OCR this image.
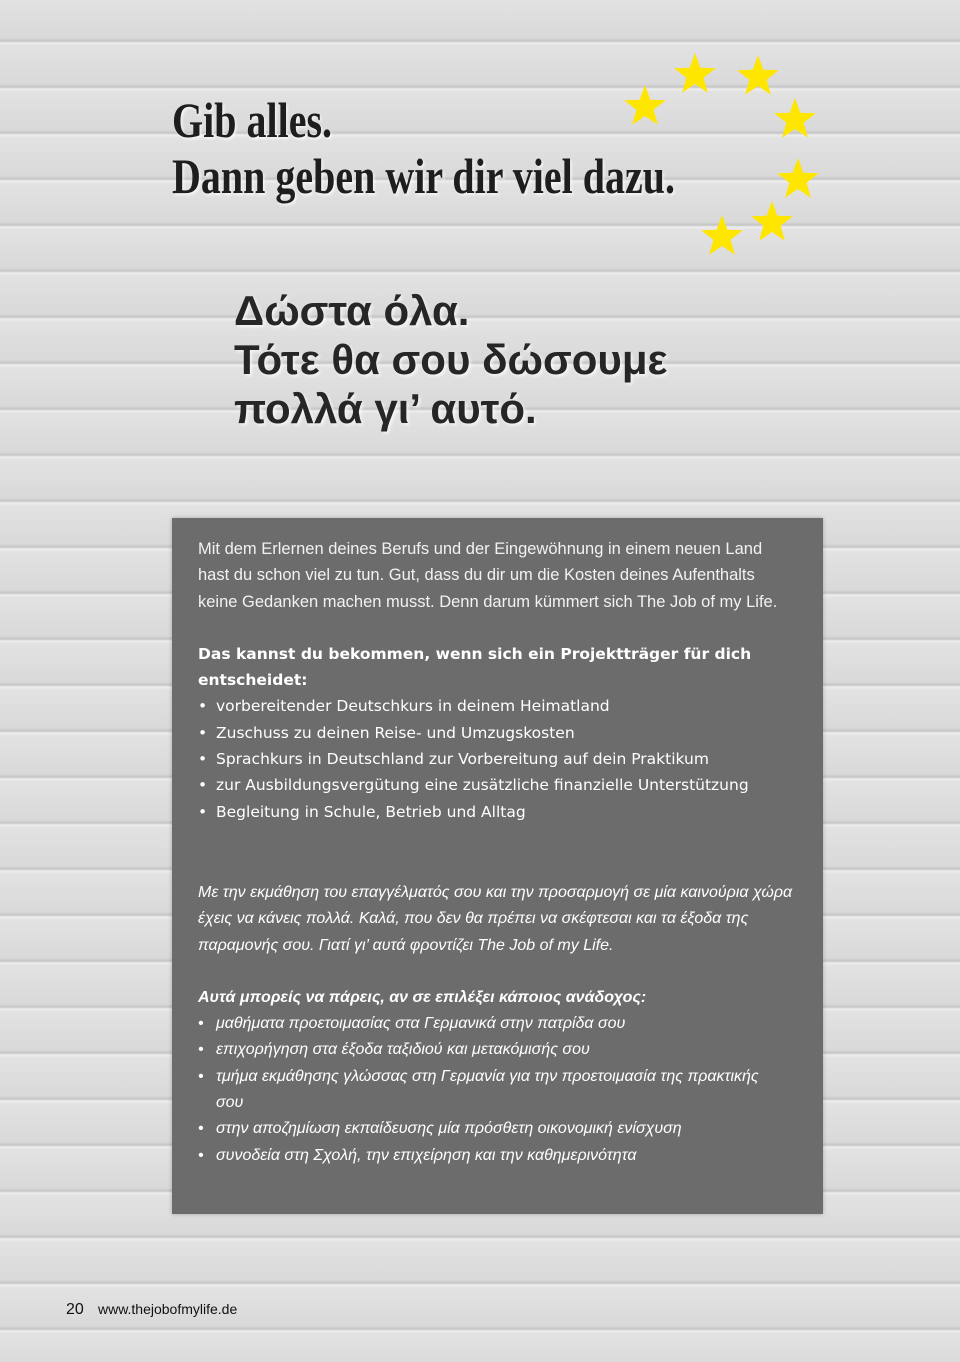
Gib alles.
Dann geben wir dir viel dazu.
Δώστα όλα.
Τότε θα σου δώσουμε
πολλά γι’ αυτό.

Mit dem Erlernen deines Berufs und der Eingewöhnung in einem neuen Land hast du schon viel zu tun. Gut, dass du dir um die Kosten deines Aufenthalts keine Gedanken machen musst. Denn darum kümmert sich The Job of my Life.

Das kannst du bekommen, wenn sich ein Projektträger für dich entscheidet:

• vorbereitender Deutschkurs in deinem Heimatland
• Zuschuss zu deinen Reise- und Umzugskosten
• Sprachkurs in Deutschland zur Vorbereitung auf dein Praktikum
• zur Ausbildungsvergütung eine zusätzliche finanzielle Unterstützung
• Begleitung in Schule, Betrieb und Alltag

Με την εκμάθηση του επαγγέλματός σου και την προσαρμογή σε μία καινούρια χώρα έχεις να κάνεις πολλά. Καλά, που δεν θα πρέπει να σκέφτεσαι και τα έξοδα της παραμονής σου. Γιατί γι’ αυτά φροντίζει The Job of my Life.

Αυτά μπορείς να πάρεις, αν σε επιλέξει κάποιος ανάδοχος:

• μαθήματα προετοιμασίας στα Γερμανικά στην πατρίδα σου
• επιχορήγηση στα έξοδα ταξιδιού και μετακόμισής σου
• τμήμα εκμάθησης γλώσσας στη Γερμανία για την προετοιμασία της πρακτικής σου
• στην αποζημίωση εκπαίδευσης μία πρόσθετη οικονομική ενίσχυση
• συνοδεία στη Σχολή, την επιχείρηση και την καθημερινότητα
20 www.thejobofmylife.de
